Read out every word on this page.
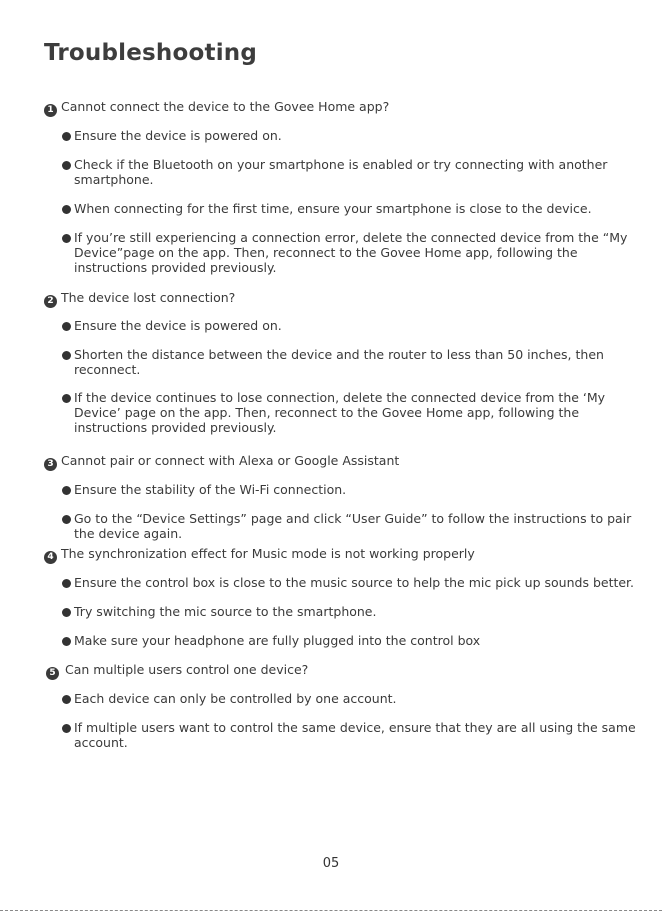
Troubleshooting
1 Cannot connect the device to the Govee Home app?
Ensure the device is powered on.
Check if the Bluetooth on your smartphone is enabled or try connecting with another smartphone.
When connecting for the first time, ensure your smartphone is close to the device.
If you’re still experiencing a connection error, delete the connected device from the “My Device”page on the app. Then, reconnect to the Govee Home app, following the instructions provided previously.
2 The device lost connection?
Ensure the device is powered on.
Shorten the distance between the device and the router to less than 50 inches, then reconnect.
If the device continues to lose connection, delete the connected device from the ‘My Device’ page on the app. Then, reconnect to the Govee Home app, following the instructions provided previously.
3 Cannot pair or connect with Alexa or Google Assistant
Ensure the stability of the Wi-Fi connection.
Go to the “Device Settings” page and click “User Guide” to follow the instructions to pair the device again.
4 The synchronization effect for Music mode is not working properly
Ensure the control box is close to the music source to help the mic pick up sounds better.
Try switching the mic source to the smartphone.
Make sure your headphone are fully plugged into the control box
5 Can multiple users control one device?
Each device can only be controlled by one account.
If multiple users want to control the same device, ensure that they are all using the same account.
05
